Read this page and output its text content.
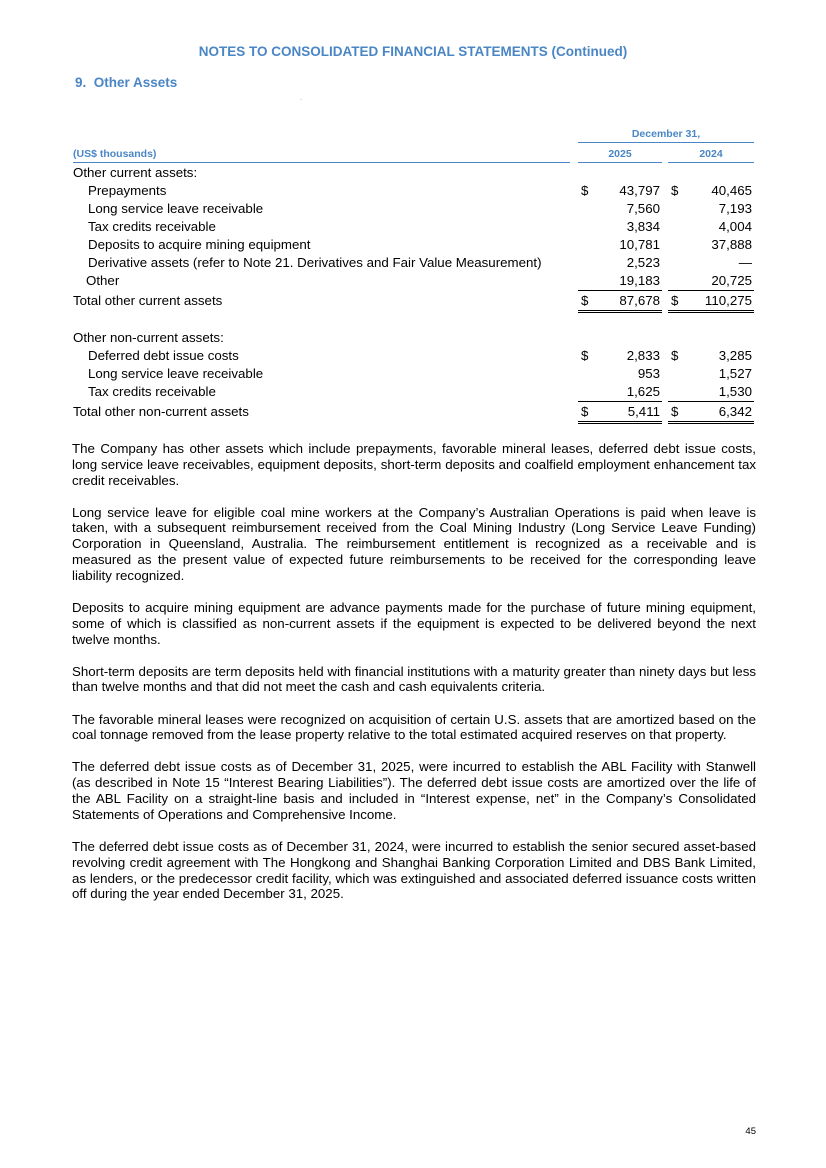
NOTES TO CONSOLIDATED FINANCIAL STATEMENTS (Continued)
9. Other Assets
.
December 31,
(US$ thousands)	2025	2024
Other current assets:
Prepayments	$ 43,797 $ 40,465
Long service leave receivable	7,560	7,193
Tax credits receivable	3,834	4,004
Deposits to acquire mining equipment	10,781	37,888
Derivative assets (refer to Note 21. Derivatives and Fair Value Measurement)	2,523	—
Other	19,183	20,725
Total other current assets	$ 87,678 $ 110,275
Other non-current assets:
Deferred debt issue costs	$	2,833 $	3,285
Long service leave receivable	953	1,527
Tax credits receivable	1,625	1,530
Total other non-current assets	$	5,411 $	6,342

The Company has other assets which include prepayments, favorable mineral leases, deferred debt issue costs, long service leave receivables, equipment deposits, short-term deposits and coalfield employment enhancement tax credit receivables.

Long service leave for eligible coal mine workers at the Company’s Australian Operations is paid when leave is taken, with a subsequent reimbursement received from the Coal Mining Industry (Long Service Leave Funding) Corporation in Queensland, Australia. The reimbursement entitlement is recognized as a receivable and is measured as the present value of expected future reimbursements to be received for the corresponding leave liability recognized.

Deposits to acquire mining equipment are advance payments made for the purchase of future mining equipment, some of which is classified as non-current assets if the equipment is expected to be delivered beyond the next twelve months.

Short-term deposits are term deposits held with financial institutions with a maturity greater than ninety days but less than twelve months and that did not meet the cash and cash equivalents criteria.

The favorable mineral leases were recognized on acquisition of certain U.S. assets that are amortized based on the coal tonnage removed from the lease property relative to the total estimated acquired reserves on that property.

The deferred debt issue costs as of December 31, 2025, were incurred to establish the ABL Facility with Stanwell (as described in Note 15 “Interest Bearing Liabilities”). The deferred debt issue costs are amortized over the life of the ABL Facility on a straight-line basis and included in “Interest expense, net” in the Company’s Consolidated Statements of Operations and Comprehensive Income.

The deferred debt issue costs as of December 31, 2024, were incurred to establish the senior secured asset-based revolving credit agreement with The Hongkong and Shanghai Banking Corporation Limited and DBS Bank Limited, as lenders, or the predecessor credit facility, which was extinguished and associated deferred issuance costs written off during the year ended December 31, 2025.

45
